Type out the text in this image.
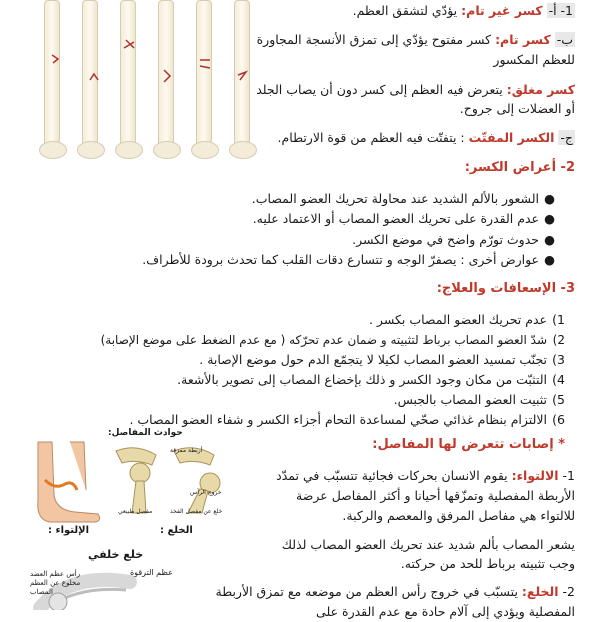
1- أ- كسر غير تام: يؤدّي لتشقق العظم.
ب- كسر تام: كسر مفتوح يؤدّي إلى تمزق الأنسجة المجاورة
للعظم المكسور
كسر مغلق: يتعرض فيه العظم إلى كسر دون أن يصاب الجلد
أو العضلات إلى جروح.
ج- الكسر المفتّت : يتفتّت فيه العظم من قوة الارتطام.
2- أعراض الكسر:
●الشعور بالألم الشديد عند محاولة تحريك العضو المصاب.
●عدم القدرة على تحريك العضو المصاب أو الاعتماد عليه.
●حدوث تورّم واضح في موضع الكسر.
●عوارض أخرى : يصفرّ الوجه و تتسارع دقات القلب كما تحدث برودة للأطراف.
3- الإسعافات والعلاج:
1)عدم تحريك العضو المصاب بكسر .
2)شدّ العضو المصاب برباط لتثبيته و ضمان عدم تحرّكه ( مع عدم الضغط على موضع الإصابة)
3)تجنّب تمسيد العضو المصاب لكيلا لا يتجمّع الدم حول موضع الإصابة .
4)التثبّت من مكان وجود الكسر و ذلك بإخضاع المصاب إلى تصوير بالأشعة.
5)تثبيت العضو المصاب بالجبس.
6)الالتزام بنظام غذائي صحّي لمساعدة التحام أجزاء الكسر و شفاء العضو المصاب .
* إصابات تتعرض لها المفاصل:
حوادث المفاصل:
أربطة ممزقة
خروج الرأس
مفصل طبيعي	خلع عن مفصل الفخذ
الإلتواء :	الخلع :
1- الالتواء: يقوم الانسان بحركات فجائية تتسبّب في تمدّد
الأربطة المفصلية وتمزّقها أحيانا و أكثر المفاصل عرضة
للالتواء هي مفاصل المرفق والمعصم والركبة.
يشعر المصاب بألم شديد عند تحريك العضو المصاب لذلك
وجب تثبيته برباط للحد من حركته.
2- الخلع: يتسبّب في خروج رأس العظم من موضعه مع تمزق الأربطة
المفصلية ويؤدي إلى آلام حادة مع عدم القدرة على
خلع خلفي
عظم الترقوة
رأس عظم العضد
مخلوع عن العظم
المصاب
